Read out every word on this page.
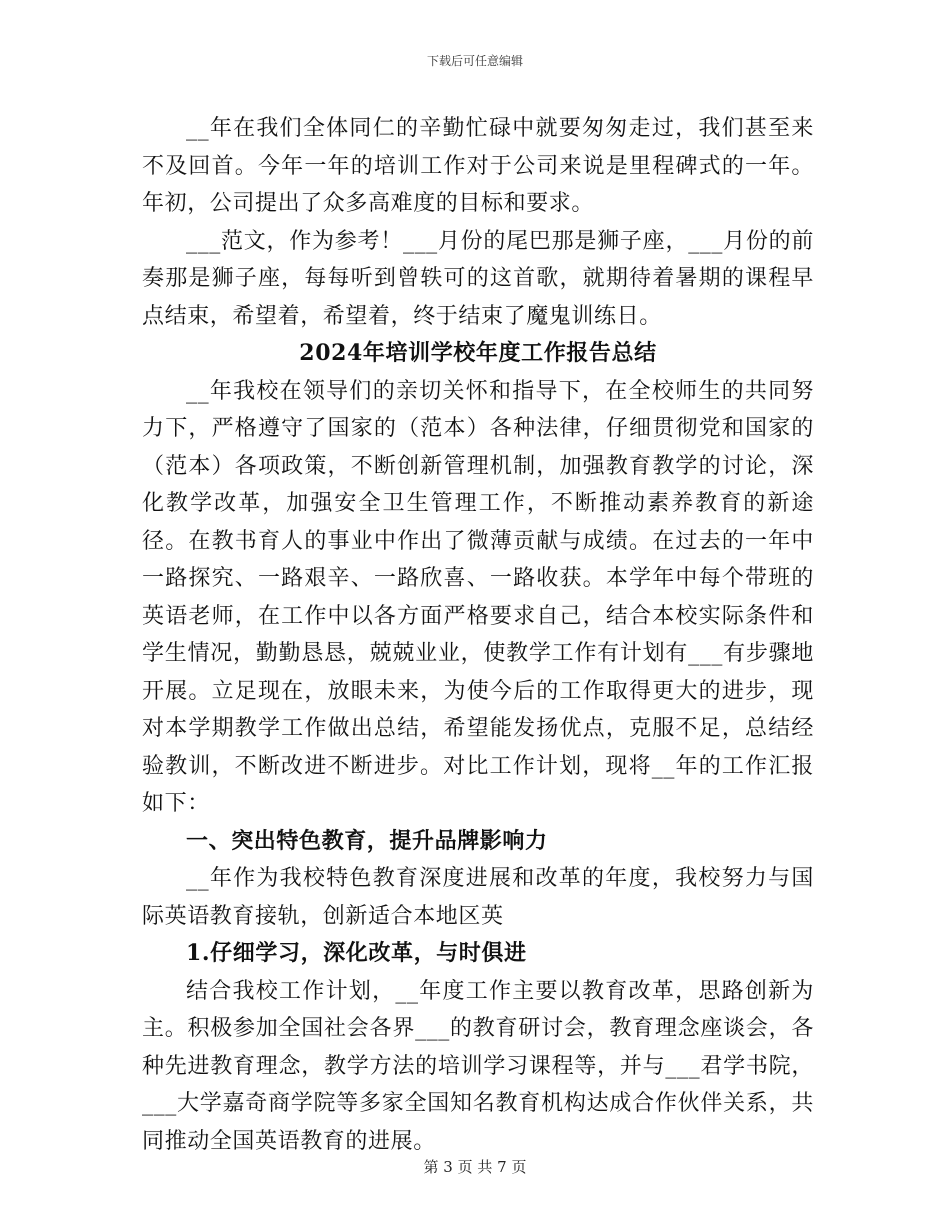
下载后可任意编辑

__年在我们全体同仁的辛勤忙碌中就要匆匆走过，我们甚至来不及回首。今年一年的培训工作对于公司来说是里程碑式的一年。年初，公司提出了众多高难度的目标和要求。

___范文，作为参考！___月份的尾巴那是狮子座，___月份的前奏那是狮子座，每每听到曾轶可的这首歌，就期待着暑期的课程早点结束，希望着，希望着，终于结束了魔鬼训练日。

2024年培训学校年度工作报告总结

__年我校在领导们的亲切关怀和指导下，在全校师生的共同努力下，严格遵守了国家的（范本）各种法律，仔细贯彻党和国家的（范本）各项政策，不断创新管理机制，加强教育教学的讨论，深化教学改革，加强安全卫生管理工作，不断推动素养教育的新途径。在教书育人的事业中作出了微薄贡献与成绩。在过去的一年中一路探究、一路艰辛、一路欣喜、一路收获。本学年中每个带班的英语老师，在工作中以各方面严格要求自己，结合本校实际条件和学生情况，勤勤恳恳，兢兢业业，使教学工作有计划有___有步骤地开展。立足现在，放眼未来，为使今后的工作取得更大的进步，现对本学期教学工作做出总结，希望能发扬优点，克服不足，总结经验教训，不断改进不断进步。对比工作计划，现将__年的工作汇报如下：

一、突出特色教育，提升品牌影响力

__年作为我校特色教育深度进展和改革的年度，我校努力与国际英语教育接轨，创新适合本地区英

1.仔细学习，深化改革，与时俱进

结合我校工作计划，__年度工作主要以教育改革，思路创新为主。积极参加全国社会各界___的教育研讨会，教育理念座谈会，各种先进教育理念，教学方法的培训学习课程等，并与___君学书院，___大学嘉奇商学院等多家全国知名教育机构达成合作伙伴关系，共同推动全国英语教育的进展。

第 3 页 共 7 页
